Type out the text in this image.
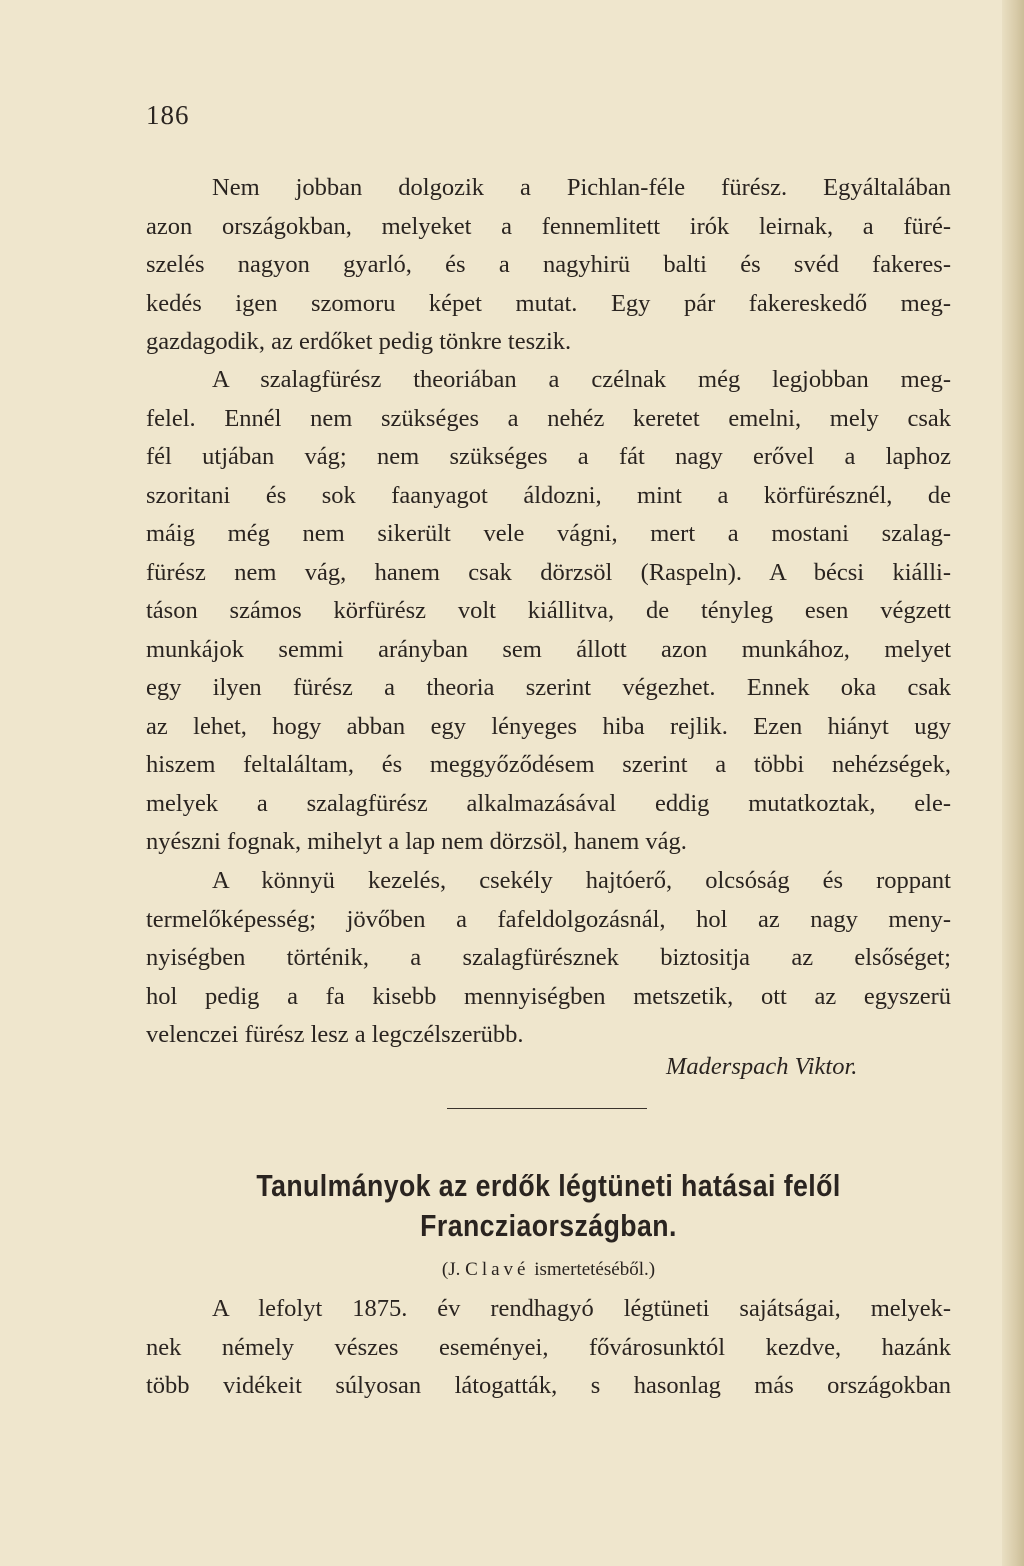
186
Nem jobban dolgozik a Pichlan-féle fürész. Egyáltalában
azon országokban, melyeket a fennemlitett irók leirnak, a füré-
szelés nagyon gyarló, és a nagyhirü balti és svéd fakeres-
kedés igen szomoru képet mutat. Egy pár fakereskedő meg-
gazdagodik, az erdőket pedig tönkre teszik.
A szalagfürész theoriában a czélnak még legjobban meg-
felel. Ennél nem szükséges a nehéz keretet emelni, mely csak
fél utjában vág; nem szükséges a fát nagy erővel a laphoz
szoritani és sok faanyagot áldozni, mint a körfürésznél, de
máig még nem sikerült vele vágni, mert a mostani szalag-
fürész nem vág, hanem csak dörzsöl (Raspeln). A bécsi kiálli-
táson számos körfürész volt kiállitva, de tényleg esen végzett
munkájok semmi arányban sem állott azon munkához, melyet
egy ilyen fürész a theoria szerint végezhet. Ennek oka csak
az lehet, hogy abban egy lényeges hiba rejlik. Ezen hiányt ugy
hiszem feltaláltam, és meggyőződésem szerint a többi nehézségek,
melyek a szalagfürész alkalmazásával eddig mutatkoztak, ele-
nyészni fognak, mihelyt a lap nem dörzsöl, hanem vág.
A könnyü kezelés, csekély hajtóerő, olcsóság és roppant
termelőképesség; jövőben a fafeldolgozásnál, hol az nagy meny-
nyiségben történik, a szalagfürésznek biztositja az elsőséget;
hol pedig a fa kisebb mennyiségben metszetik, ott az egyszerü
velenczei fürész lesz a legczélszerübb.
Maderspach Viktor.
Tanulmányok az erdők légtüneti hatásai felől
Francziaországban.
(J. Clavé ismertetéséből.)
A lefolyt 1875. év rendhagyó légtüneti sajátságai, melyek-
nek némely vészes eseményei, fővárosunktól kezdve, hazánk
több vidékeit súlyosan látogatták, s hasonlag más országokban
